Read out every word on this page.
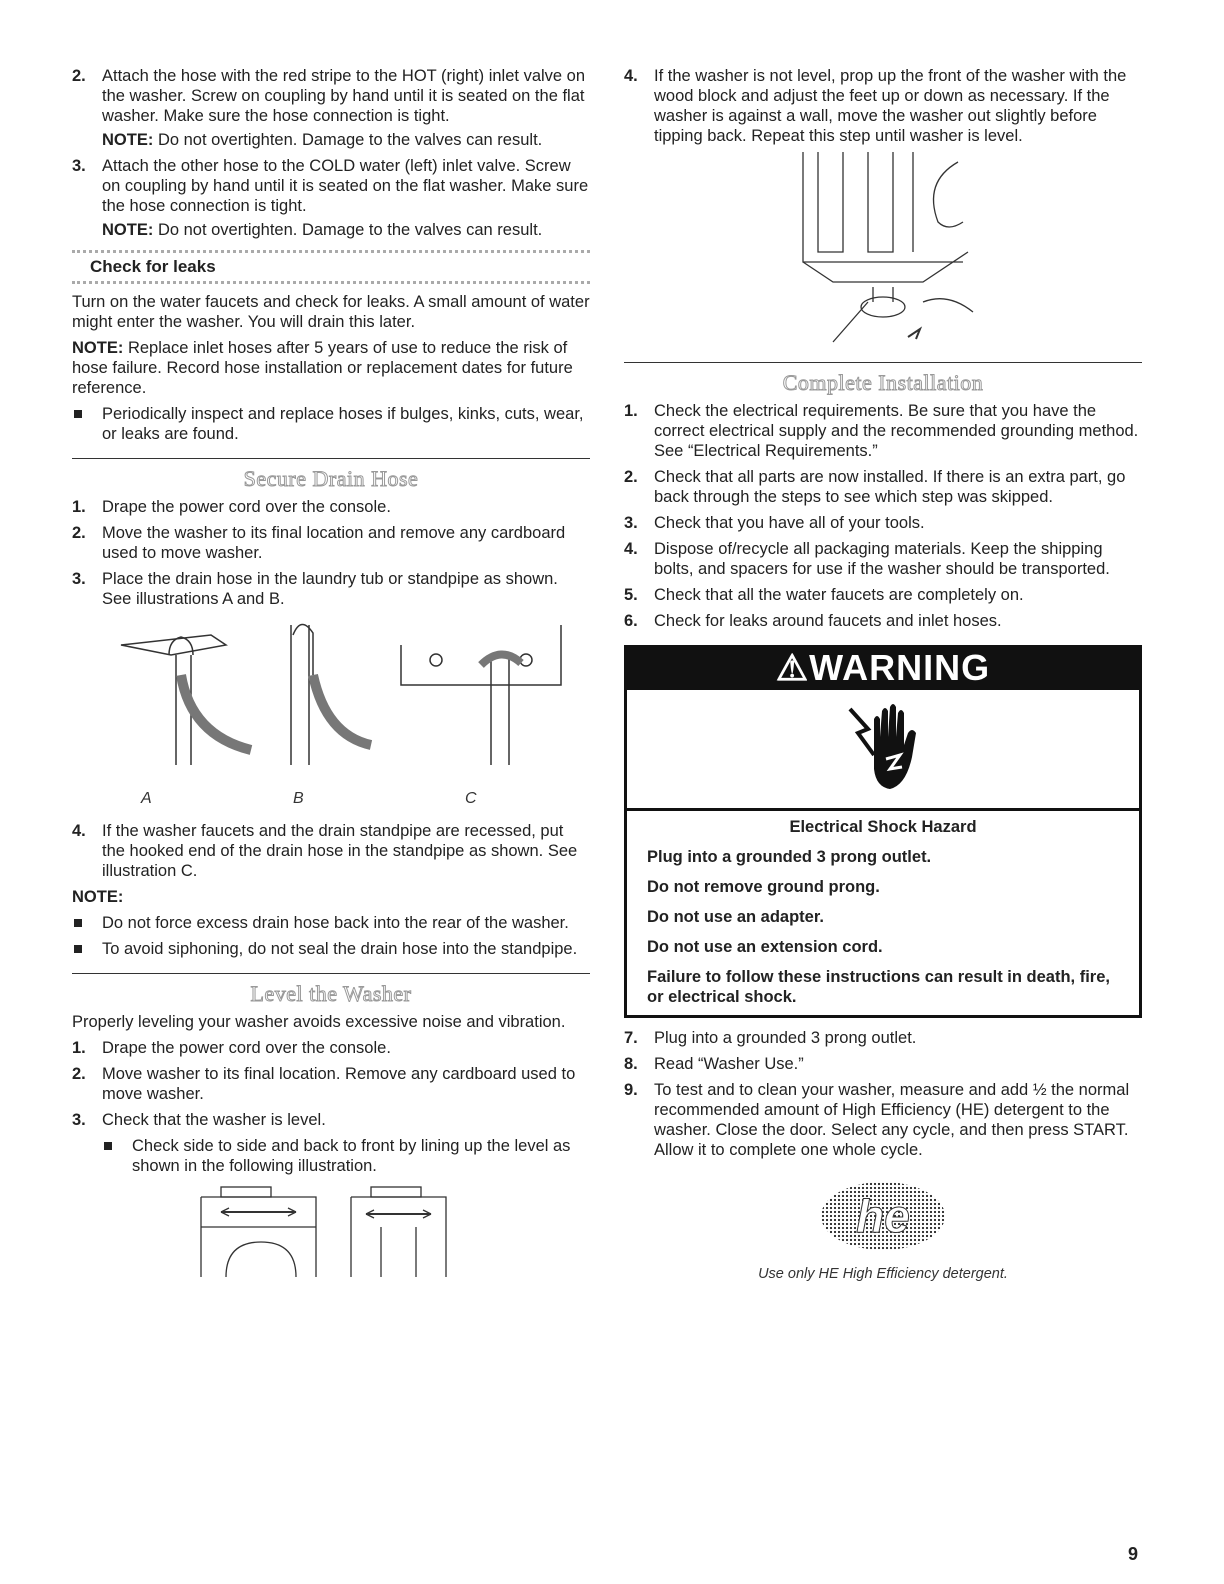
2. Attach the hose with the red stripe to the HOT (right) inlet valve on the washer. Screw on coupling by hand until it is seated on the flat washer. Make sure the hose connection is tight.
NOTE: Do not overtighten. Damage to the valves can result.
3. Attach the other hose to the COLD water (left) inlet valve. Screw on coupling by hand until it is seated on the flat washer. Make sure the hose connection is tight.
NOTE: Do not overtighten. Damage to the valves can result.
Check for leaks

Turn on the water faucets and check for leaks. A small amount of water might enter the washer. You will drain this later.

NOTE: Replace inlet hoses after 5 years of use to reduce the risk of hose failure. Record hose installation or replacement dates for future reference.

Periodically inspect and replace hoses if bulges, kinks, cuts, wear, or leaks are found.
Secure Drain Hose
1. Drape the power cord over the console.
2. Move the washer to its final location and remove any cardboard used to move washer.
3. Place the drain hose in the laundry tub or standpipe as shown. See illustrations A and B.
A	B	C
4. If the washer faucets and the drain standpipe are recessed, put the hooked end of the drain hose in the standpipe as shown. See illustration C.
NOTE:
Do not force excess drain hose back into the rear of the washer.
To avoid siphoning, do not seal the drain hose into the standpipe.
Level the Washer

Properly leveling your washer avoids excessive noise and vibration.

1. Drape the power cord over the console.
2. Move washer to its final location. Remove any cardboard used to move washer.
3. Check that the washer is level.
Check side to side and back to front by lining up the level as shown in the following illustration.
4. If the washer is not level, prop up the front of the washer with the wood block and adjust the feet up or down as necessary. If the washer is against a wall, move the washer out slightly before tipping back. Repeat this step until washer is level.
Complete Installation
1. Check the electrical requirements. Be sure that you have the correct electrical supply and the recommended grounding method. See “Electrical Requirements.”
2. Check that all parts are now installed. If there is an extra part, go back through the steps to see which step was skipped.
3. Check that you have all of your tools.
4. Dispose of/recycle all packaging materials. Keep the shipping bolts, and spacers for use if the washer should be transported.
5. Check that all the water faucets are completely on.
6. Check for leaks around faucets and inlet hoses.
⚠WARNING
Electrical Shock Hazard

Plug into a grounded 3 prong outlet.

Do not remove ground prong.

Do not use an adapter.

Do not use an extension cord.

Failure to follow these instructions can result in death, fire, or electrical shock.

7. Plug into a grounded 3 prong outlet.
8. Read “Washer Use.”
9. To test and to clean your washer, measure and add ½ the normal recommended amount of High Efficiency (HE) detergent to the washer. Close the door. Select any cycle, and then press START. Allow it to complete one whole cycle.
he
Use only HE High Efficiency detergent.
9
